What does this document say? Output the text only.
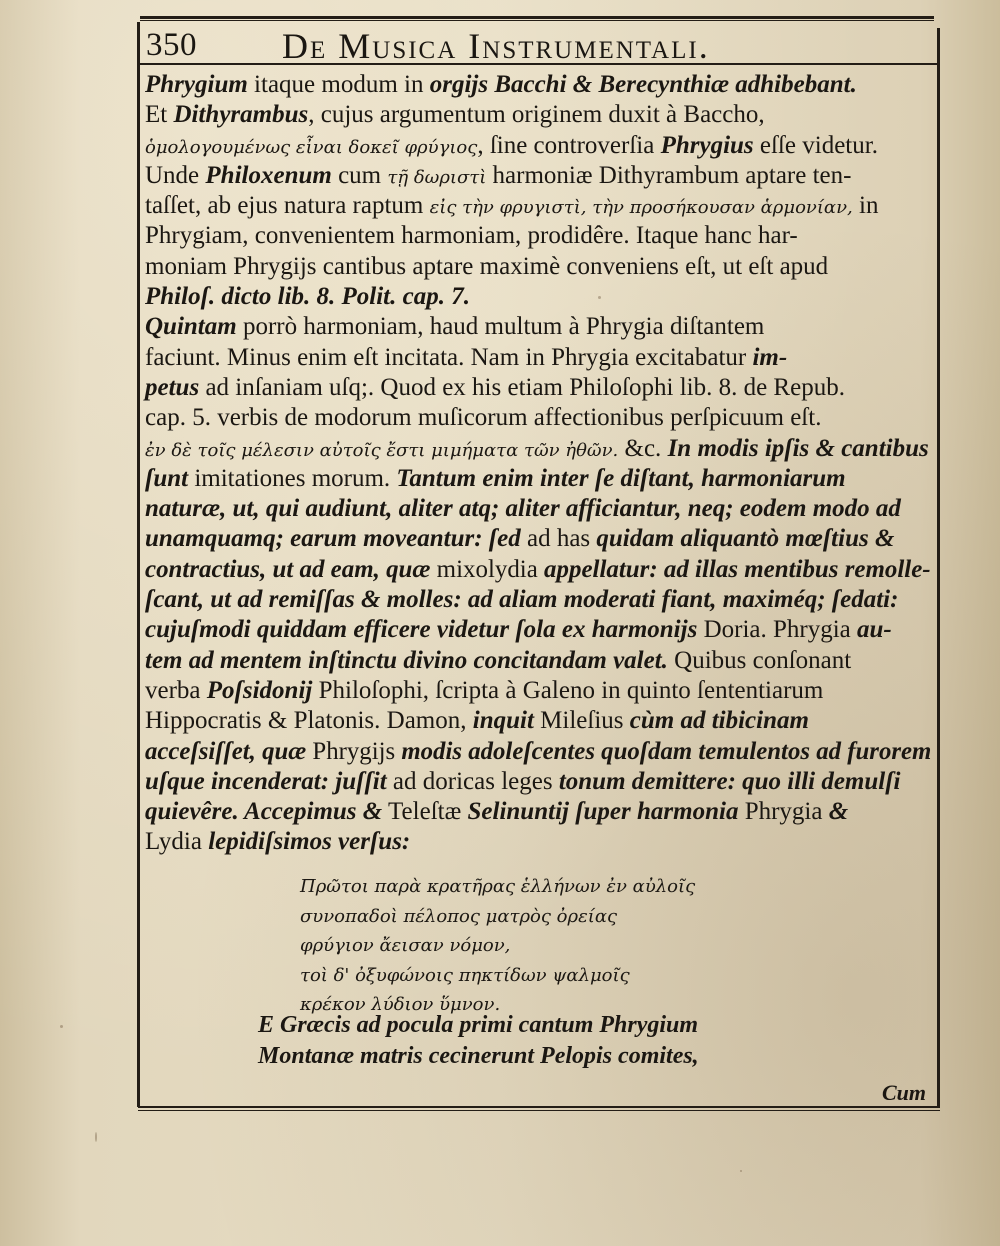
350 De Musica Instrumentali.
Phrygium itaque modum in orgijs Bacchi & Berecynthiæ adhibebant.
Et Dithyrambus, cujus argumentum originem duxit à Baccho,
ὁμολογουμένως εἶναι δοκεῖ φρύγιος, ſine controverſia Phrygius eſſe videtur.
Unde Philoxenum cum τῇ δωριστὶ harmoniæ Dithyrambum aptare ten-
taſſet, ab ejus natura raptum εἰς τὴν φρυγιστὶ, τὴν προσήκουσαν ἁρμονίαν, in
Phrygiam, convenientem harmoniam, prodidêre. Itaque hanc har-
moniam Phrygijs cantibus aptare maximè conveniens eſt, ut eſt apud
Philoſ. dicto lib. 8. Polit. cap. 7.
Quintam porrò harmoniam, haud multum à Phrygia diſtantem
faciunt. Minus enim eſt incitata. Nam in Phrygia excitabatur im-
petus ad inſaniam uſq;. Quod ex his etiam Philoſophi lib. 8. de Repub.
cap. 5. verbis de modorum muſicorum affectionibus perſpicuum eſt.
ἐν δὲ τοῖς μέλεσιν αὐτοῖς ἔστι μιμήματα τῶν ἠθῶν. &c. In modis ipſis & cantibus
ſunt imitationes morum. Tantum enim inter ſe diſtant, harmoniarum
naturæ, ut, qui audiunt, aliter atq; aliter afficiantur, neq; eodem modo ad
unamquamq; earum moveantur: ſed ad has quidam aliquantò mœſtius &
contractius, ut ad eam, quæ mixolydia appellatur: ad illas mentibus remolle-
ſcant, ut ad remiſſas & molles: ad aliam moderati fiant, maximéq; ſedati:
cujuſmodi quiddam efficere videtur ſola ex harmonijs Doria. Phrygia au-
tem ad mentem inſtinctu divino concitandam valet. Quibus conſonant
verba Poſsidonij Philoſophi, ſcripta à Galeno in quinto ſententiarum
Hippocratis & Platonis. Damon, inquit Mileſius cùm ad tibicinam
acceſsiſſet, quæ Phrygijs modis adoleſcentes quoſdam temulentos ad furorem
uſque incenderat: juſſit ad doricas leges tonum demittere: quo illi demulſi
quievêre. Accepimus & Teleſtæ Selinuntij ſuper harmonia Phrygia &
Lydia lepidiſsimos verſus:
Πρῶτοι παρὰ κρατῆρας ἑλλήνων ἐν αὐλοῖς
συνοπαδοὶ πέλοπος ματρὸς ὀρείας
φρύγιον ἄεισαν νόμον,
τοὶ δ' ὀξυφώνοις πηκτίδων ψαλμοῖς
κρέκον λύδιον ὕμνον.
E Græcis ad pocula primi cantum Phrygium
Montanæ matris cecinerunt Pelopis comites,
Cum
